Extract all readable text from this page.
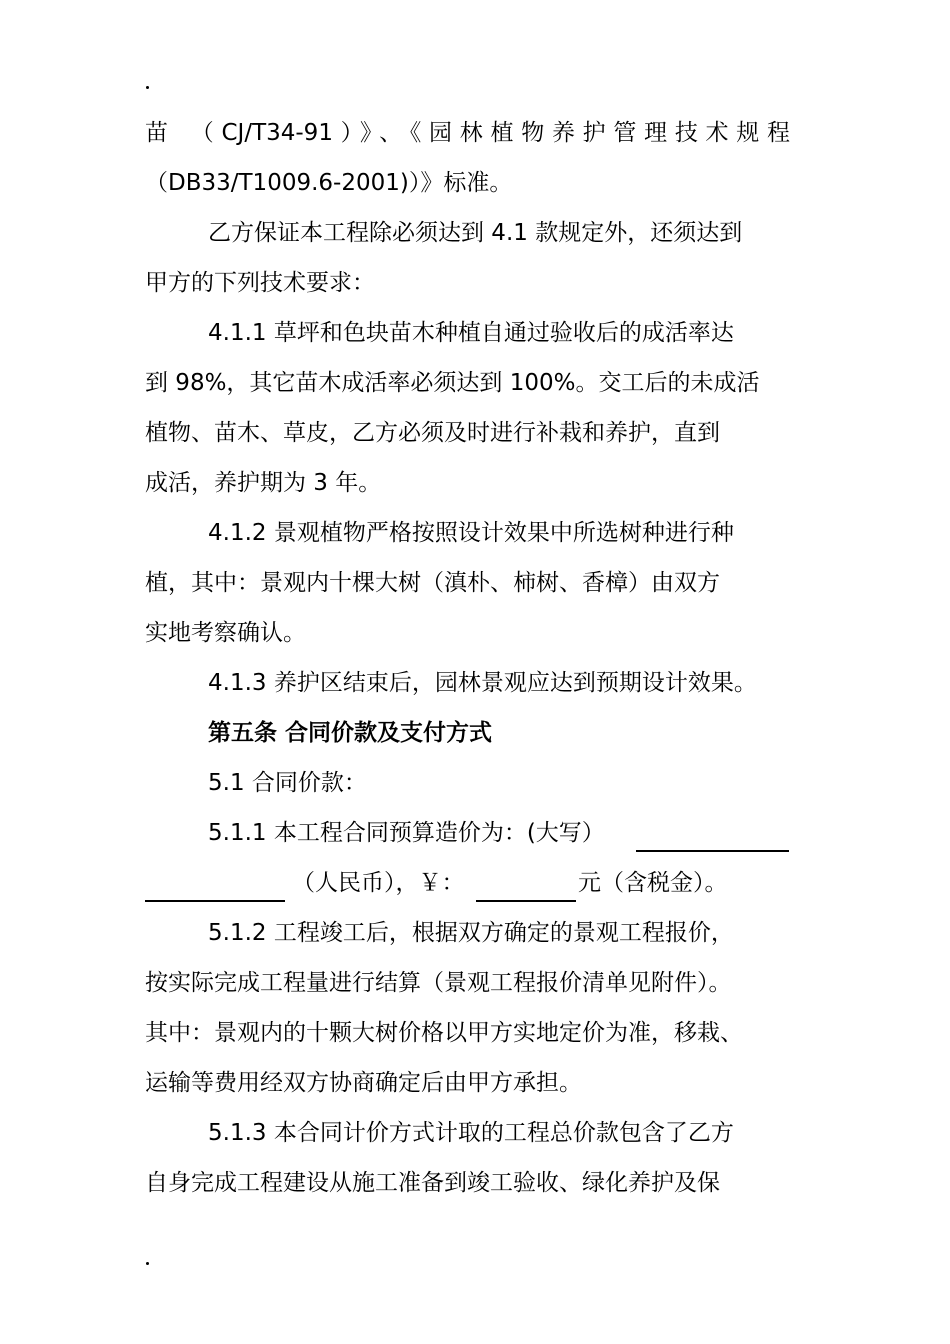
苗 （CJ/T34-91）》、《园林植物养护管理技术规程
（DB33/T1009.6-2001)）》标准。
乙方保证本工程除必须达到 4.1 款规定外，还须达到
甲方的下列技术要求：
4.1.1 草坪和色块苗木种植自通过验收后的成活率达
到 98%，其它苗木成活率必须达到 100%。交工后的未成活
植物、苗木、草皮，乙方必须及时进行补栽和养护，直到
成活，养护期为 3 年。
4.1.2 景观植物严格按照设计效果中所选树种进行种
植，其中：景观内十棵大树（滇朴、柿树、香樟）由双方
实地考察确认。
4.1.3 养护区结束后，园林景观应达到预期设计效果。
第五条 合同价款及支付方式
5.1 合同价款：
5.1.1 本工程合同预算造价为：(大写）
（人民币），￥：	元（含税金）。
5.1.2 工程竣工后，根据双方确定的景观工程报价，
按实际完成工程量进行结算（景观工程报价清单见附件）。
其中：景观内的十颗大树价格以甲方实地定价为准，移栽、
运输等费用经双方协商确定后由甲方承担。
5.1.3 本合同计价方式计取的工程总价款包含了乙方
自身完成工程建设从施工准备到竣工验收、绿化养护及保
